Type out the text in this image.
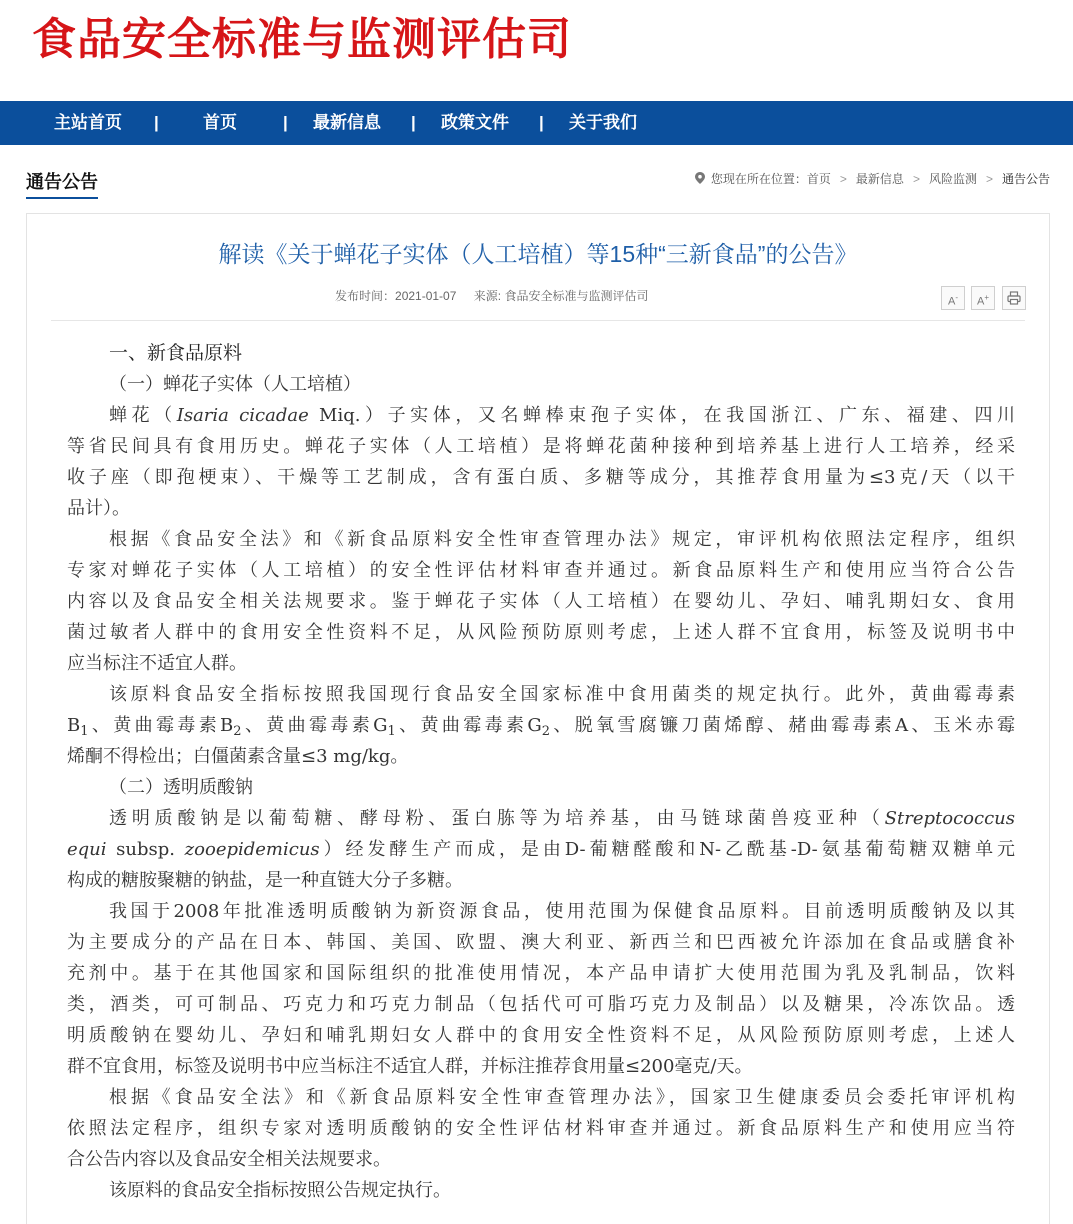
食品安全标准与监测评估司
主站首页 |	首页	| 最新信息 | 政策文件 | 关于我们
通告公告	您现在所在位置：首页 > 最新信息 > 风险监测 > 通告公告
解读《关于蝉花子实体（人工培植）等15种“三新食品”的公告》
发布时间：2021-01-07 来源: 食品安全标准与监测评估司	A-	A+
一、新食品原料
（一）蝉花子实体（人工培植）
蝉花（Isaria cicadae Miq.）子实体，又名蝉棒束孢子实体，在我国浙江、广东、福建、四川
等省民间具有食用历史。蝉花子实体（人工培植）是将蝉花菌种接种到培养基上进行人工培养，经采
收子座（即孢梗束）、干燥等工艺制成，含有蛋白质、多糖等成分，其推荐食用量为≤3克/天（以干
品计）。
根据《食品安全法》和《新食品原料安全性审查管理办法》规定，审评机构依照法定程序，组织
专家对蝉花子实体（人工培植）的安全性评估材料审查并通过。新食品原料生产和使用应当符合公告
内容以及食品安全相关法规要求。鉴于蝉花子实体（人工培植）在婴幼儿、孕妇、哺乳期妇女、食用
菌过敏者人群中的食用安全性资料不足，从风险预防原则考虑，上述人群不宜食用，标签及说明书中
应当标注不适宜人群。
该原料食品安全指标按照我国现行食品安全国家标准中食用菌类的规定执行。此外，黄曲霉毒素
$B_1$、黄曲霉毒素$B_2$、黄曲霉毒素$G_1$、黄曲霉毒素$G_2$、脱氧雪腐镰刀菌烯醇、赭曲霉毒素A、玉米赤霉
烯酮不得检出；白僵菌素含量≤3 mg/kg。
（二）透明质酸钠
透明质酸钠是以葡萄糖、酵母粉、蛋白胨等为培养基，由马链球菌兽疫亚种（Streptococcus
equi subsp. zooepidemicus）经发酵生产而成，是由D-葡糖醛酸和N-乙酰基-D-氨基葡萄糖双糖单元
构成的糖胺聚糖的钠盐，是一种直链大分子多糖。
我国于2008年批准透明质酸钠为新资源食品，使用范围为保健食品原料。目前透明质酸钠及以其
为主要成分的产品在日本、韩国、美国、欧盟、澳大利亚、新西兰和巴西被允许添加在食品或膳食补
充剂中。基于在其他国家和国际组织的批准使用情况，本产品申请扩大使用范围为乳及乳制品，饮料
类，酒类，可可制品、巧克力和巧克力制品（包括代可可脂巧克力及制品）以及糖果，冷冻饮品。透
明质酸钠在婴幼儿、孕妇和哺乳期妇女人群中的食用安全性资料不足，从风险预防原则考虑，上述人
群不宜食用，标签及说明书中应当标注不适宜人群，并标注推荐食用量≤200毫克/天。
根据《食品安全法》和《新食品原料安全性审查管理办法》，国家卫生健康委员会委托审评机构
依照法定程序，组织专家对透明质酸钠的安全性评估材料审查并通过。新食品原料生产和使用应当符
合公告内容以及食品安全相关法规要求。
该原料的食品安全指标按照公告规定执行。
